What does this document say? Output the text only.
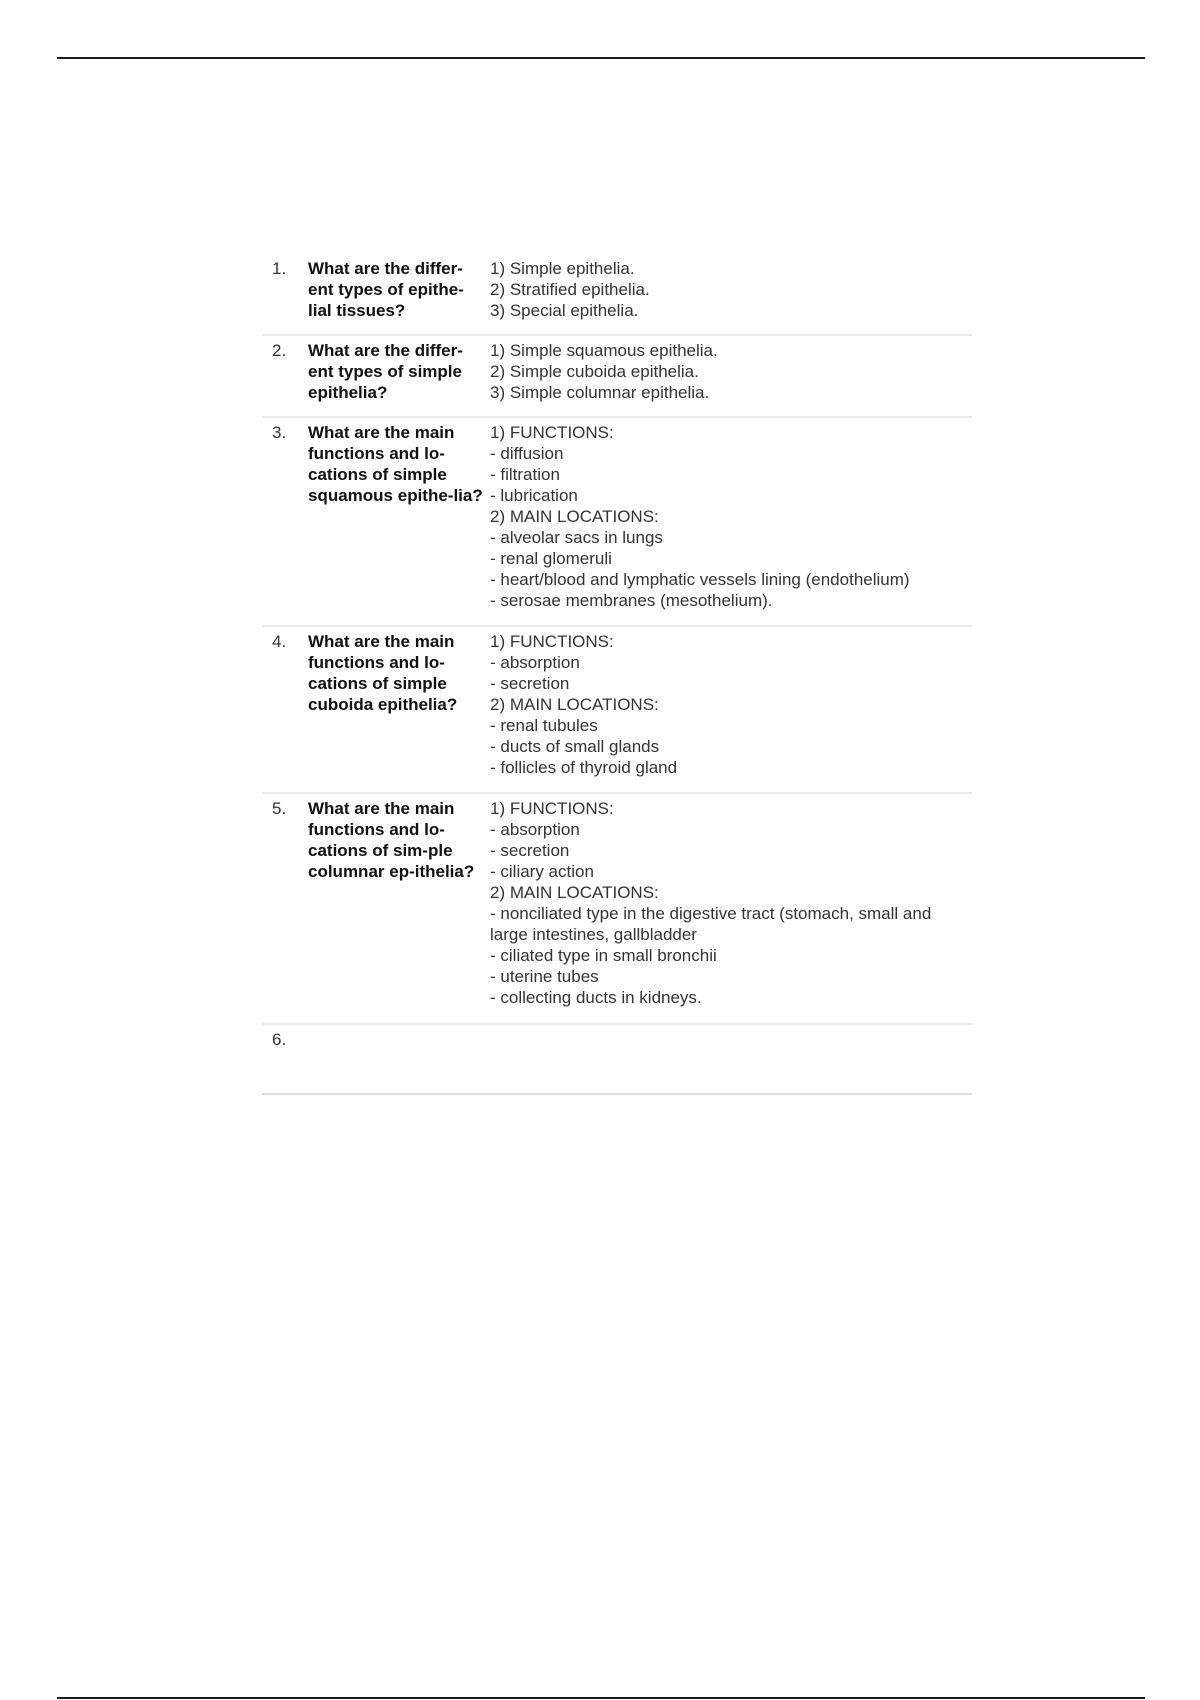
1.	What are the differ-ent types of epithe-lial tissues?
1) Simple epithelia.
2) Stratified epithelia.
3) Special epithelia.
2.	What are the differ-ent types of simple epithelia?
1) Simple squamous epithelia.
2) Simple cuboida epithelia.
3) Simple columnar epithelia.
3.	What are the main functions and lo-cations of simple squamous epithe-lia?
1) FUNCTIONS:
- diffusion
- filtration
- lubrication
2) MAIN LOCATIONS:
- alveolar sacs in lungs
- renal glomeruli
- heart/blood and lymphatic vessels lining (endothelium)
- serosae membranes (mesothelium).
4.	What are the main functions and lo-cations of simple cuboida epithelia?
1) FUNCTIONS:
- absorption
- secretion
2) MAIN LOCATIONS:
- renal tubules
- ducts of small glands
- follicles of thyroid gland
5.	What are the main functions and lo-cations of sim-ple columnar ep-ithelia?
1) FUNCTIONS:
- absorption
- secretion
- ciliary action
2) MAIN LOCATIONS:
- nonciliated type in the digestive tract (stomach, small and large intestines, gallbladder
- ciliated type in small bronchii
- uterine tubes
- collecting ducts in kidneys.
6.
